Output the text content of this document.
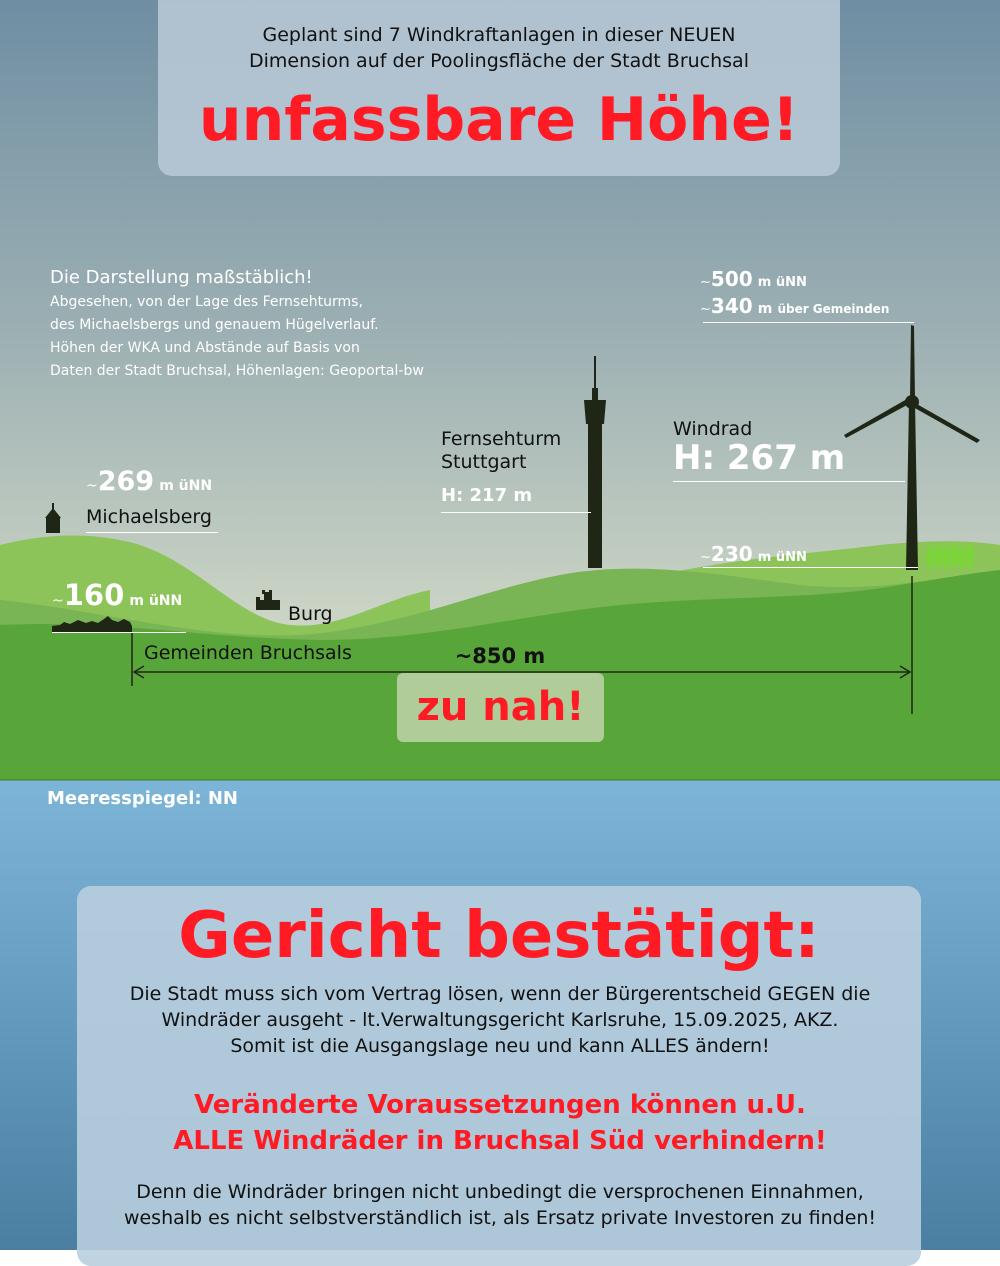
Geplant sind 7 Windkraftanlagen in dieser NEUEN
Dimension auf der Poolingsfläche der Stadt Bruchsal
unfassbare Höhe!
Die Darstellung maßstäblich!
Abgesehen, von der Lage des Fernsehturms,
des Michaelsbergs und genauem Hügelverlauf.
Höhen der WKA und Abstände auf Basis von
Daten der Stadt Bruchsal, Höhenlagen: Geoportal-bw
~269 m üNN
Michaelsberg
~160 m üNN
Gemeinden Bruchsals
Burg
Fernsehturm
Stuttgart
H: 217 m
~500 m üNN
~340 m über Gemeinden
Windrad
H: 267 m
~230 m üNN
~850 m
zu nah!
Meeresspiegel: NN
Gericht bestätigt:
Die Stadt muss sich vom Vertrag lösen, wenn der Bürgerentscheid GEGEN die
Windräder ausgeht - lt.Verwaltungsgericht Karlsruhe, 15.09.2025, AKZ.
Somit ist die Ausgangslage neu und kann ALLES ändern!
Veränderte Voraussetzungen können u.U.
ALLE Windräder in Bruchsal Süd verhindern!
Denn die Windräder bringen nicht unbedingt die versprochenen Einnahmen,
weshalb es nicht selbstverständlich ist, als Ersatz private Investoren zu finden!
